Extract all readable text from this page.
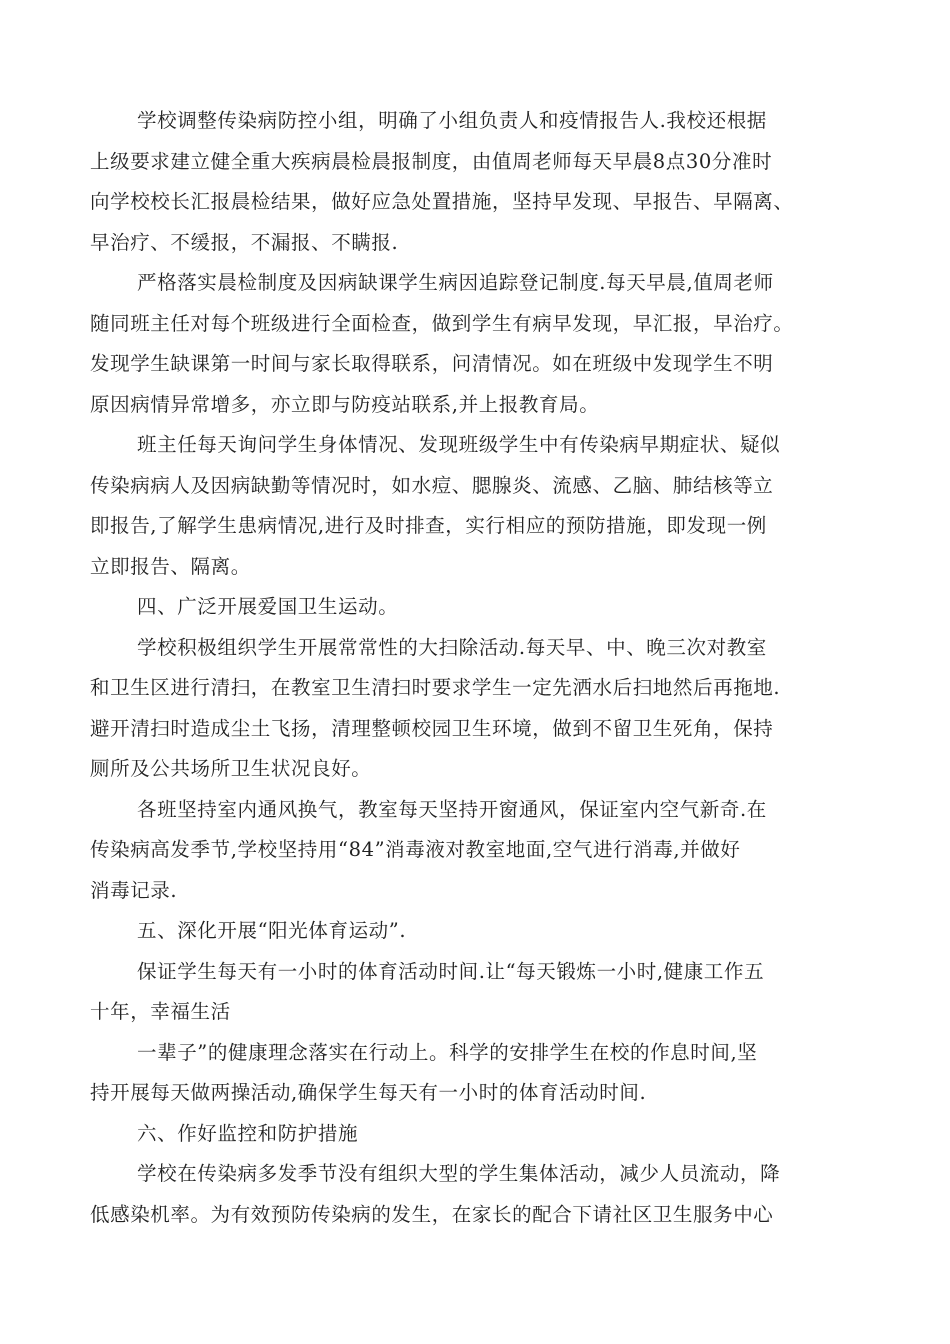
学校调整传染病防控小组，明确了小组负责人和疫情报告人.我校还根据
上级要求建立健全重大疾病晨检晨报制度，由值周老师每天早晨8点30分准时
向学校校长汇报晨检结果，做好应急处置措施，坚持早发现、早报告、早隔离、
早治疗、不缓报，不漏报、不瞒报.
严格落实晨检制度及因病缺课学生病因追踪登记制度.每天早晨,值周老师
随同班主任对每个班级进行全面检查，做到学生有病早发现，早汇报，早治疗。
发现学生缺课第一时间与家长取得联系，问清情况。如在班级中发现学生不明
原因病情异常增多，亦立即与防疫站联系,并上报教育局。
班主任每天询问学生身体情况、发现班级学生中有传染病早期症状、疑似
传染病病人及因病缺勤等情况时，如水痘、腮腺炎、流感、乙脑、肺结核等立
即报告,了解学生患病情况,进行及时排查，实行相应的预防措施，即发现一例
立即报告、隔离。
四、广泛开展爱国卫生运动。
学校积极组织学生开展常常性的大扫除活动.每天早、中、晚三次对教室
和卫生区进行清扫，在教室卫生清扫时要求学生一定先洒水后扫地然后再拖地.
避开清扫时造成尘土飞扬，清理整顿校园卫生环境，做到不留卫生死角，保持
厕所及公共场所卫生状况良好。
各班坚持室内通风换气，教室每天坚持开窗通风，保证室内空气新奇.在
传染病高发季节,学校坚持用“84”消毒液对教室地面,空气进行消毒,并做好
消毒记录.
五、深化开展“阳光体育运动”.
保证学生每天有一小时的体育活动时间.让“每天锻炼一小时,健康工作五
十年，幸福生活
一辈子”的健康理念落实在行动上。科学的安排学生在校的作息时间,坚
持开展每天做两操活动,确保学生每天有一小时的体育活动时间.
六、作好监控和防护措施
学校在传染病多发季节没有组织大型的学生集体活动，减少人员流动，降
低感染机率。为有效预防传染病的发生，在家长的配合下请社区卫生服务中心
